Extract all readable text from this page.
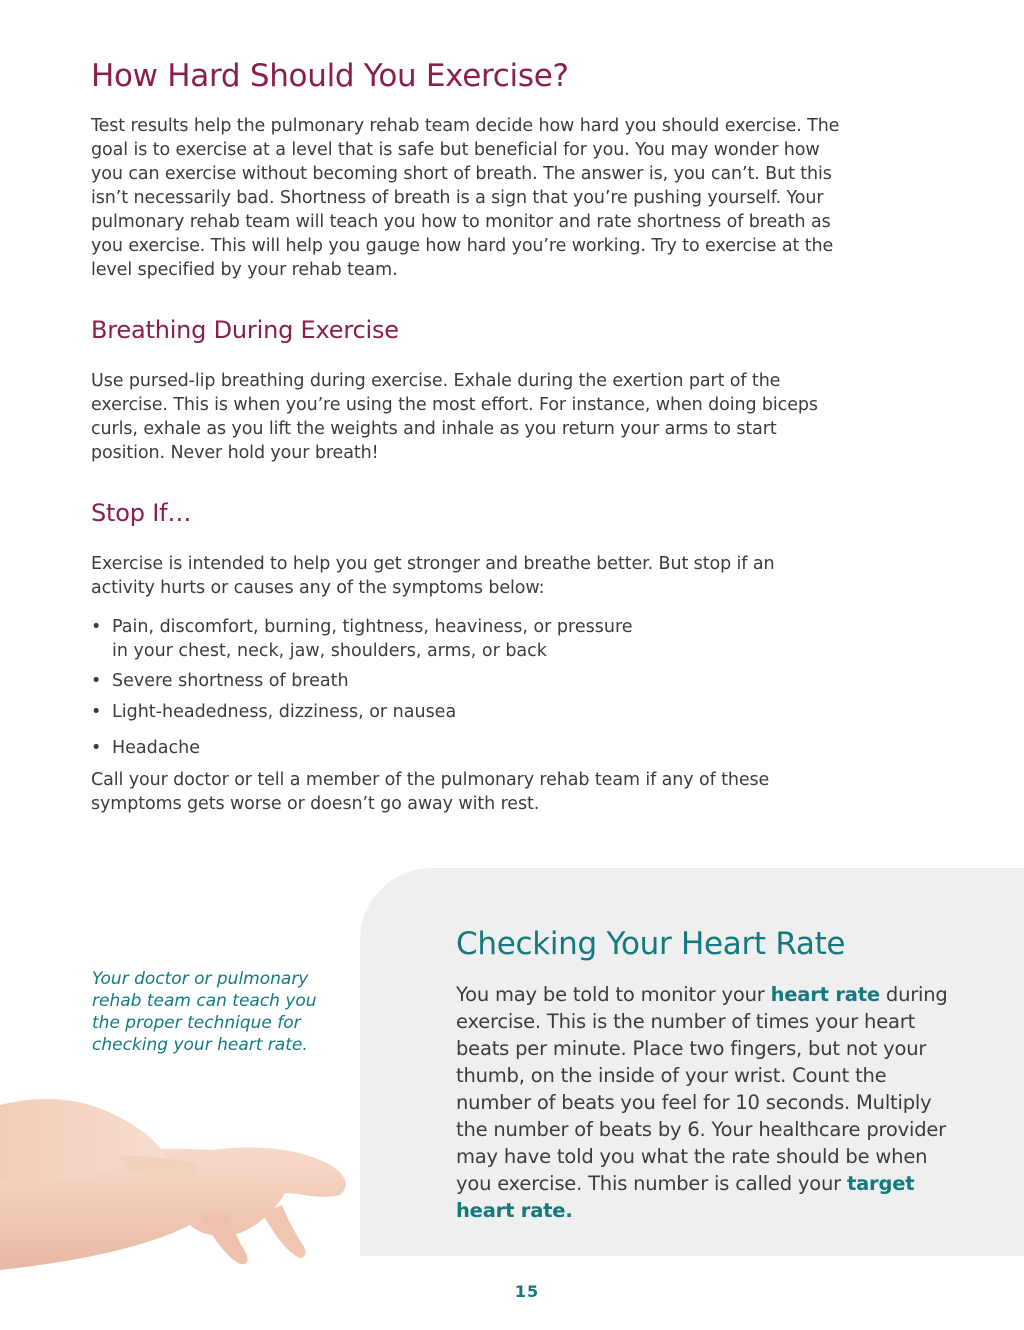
How Hard Should You Exercise?

Test results help the pulmonary rehab team decide how hard you should exercise. The goal is to exercise at a level that is safe but beneficial for you. You may wonder how you can exercise without becoming short of breath. The answer is, you can’t. But this isn’t necessarily bad. Shortness of breath is a sign that you’re pushing yourself. Your pulmonary rehab team will teach you how to monitor and rate shortness of breath as you exercise. This will help you gauge how hard you’re working. Try to exercise at the level specified by your rehab team.

Breathing During Exercise

Use pursed-lip breathing during exercise. Exhale during the exertion part of the exercise. This is when you’re using the most effort. For instance, when doing biceps curls, exhale as you lift the weights and inhale as you return your arms to start position. Never hold your breath!

Stop If…

Exercise is intended to help you get stronger and breathe better. But stop if an activity hurts or causes any of the symptoms below:

• Pain, discomfort, burning, tightness, heaviness, or pressure in your chest, neck, jaw, shoulders, arms, or back
• Severe shortness of breath
• Light-headedness, dizziness, or nausea
• Headache

Call your doctor or tell a member of the pulmonary rehab team if any of these symptoms gets worse or doesn’t go away with rest.

Your doctor or pulmonary rehab team can teach you the proper technique for checking your heart rate.

Checking Your Heart Rate

You may be told to monitor your heart rate during exercise. This is the number of times your heart beats per minute. Place two fingers, but not your thumb, on the inside of your wrist. Count the number of beats you feel for 10 seconds. Multiply the number of beats by 6. Your healthcare provider may have told you what the rate should be when you exercise. This number is called your target heart rate.

15
